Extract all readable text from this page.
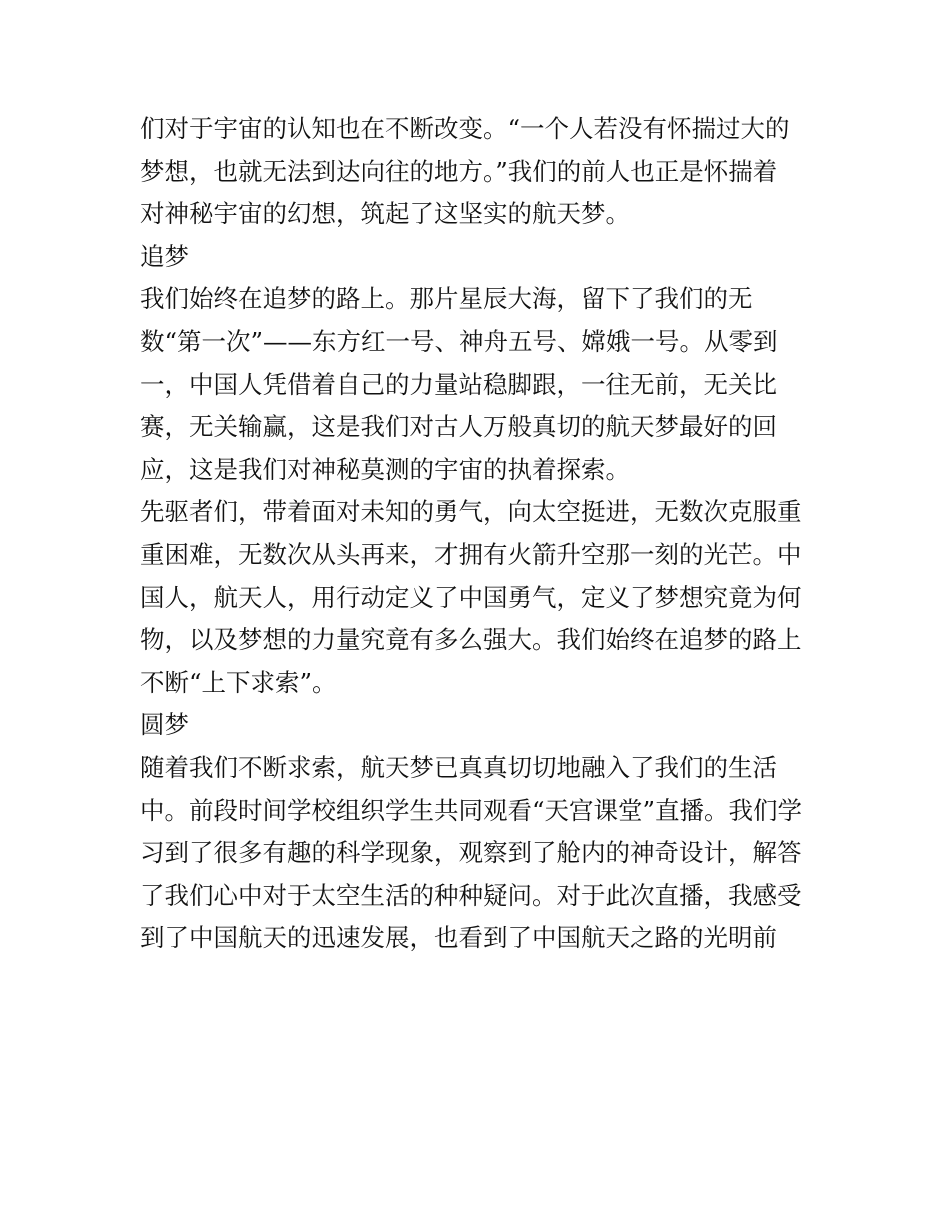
们对于宇宙的认知也在不断改变。“一个人若没有怀揣过大的
梦想，也就无法到达向往的地方。”我们的前人也正是怀揣着
对神秘宇宙的幻想，筑起了这坚实的航天梦。
追梦
我们始终在追梦的路上。那片星辰大海，留下了我们的无
数“第一次”——东方红一号、神舟五号、嫦娥一号。从零到
一，中国人凭借着自己的力量站稳脚跟，一往无前，无关比
赛，无关输赢，这是我们对古人万般真切的航天梦最好的回
应，这是我们对神秘莫测的宇宙的执着探索。
先驱者们，带着面对未知的勇气，向太空挺进，无数次克服重
重困难，无数次从头再来，才拥有火箭升空那一刻的光芒。中
国人，航天人，用行动定义了中国勇气，定义了梦想究竟为何
物，以及梦想的力量究竟有多么强大。我们始终在追梦的路上
不断“上下求索”。
圆梦
随着我们不断求索，航天梦已真真切切地融入了我们的生活
中。前段时间学校组织学生共同观看“天宫课堂”直播。我们学
习到了很多有趣的科学现象，观察到了舱内的神奇设计，解答
了我们心中对于太空生活的种种疑问。对于此次直播，我感受
到了中国航天的迅速发展，也看到了中国航天之路的光明前
